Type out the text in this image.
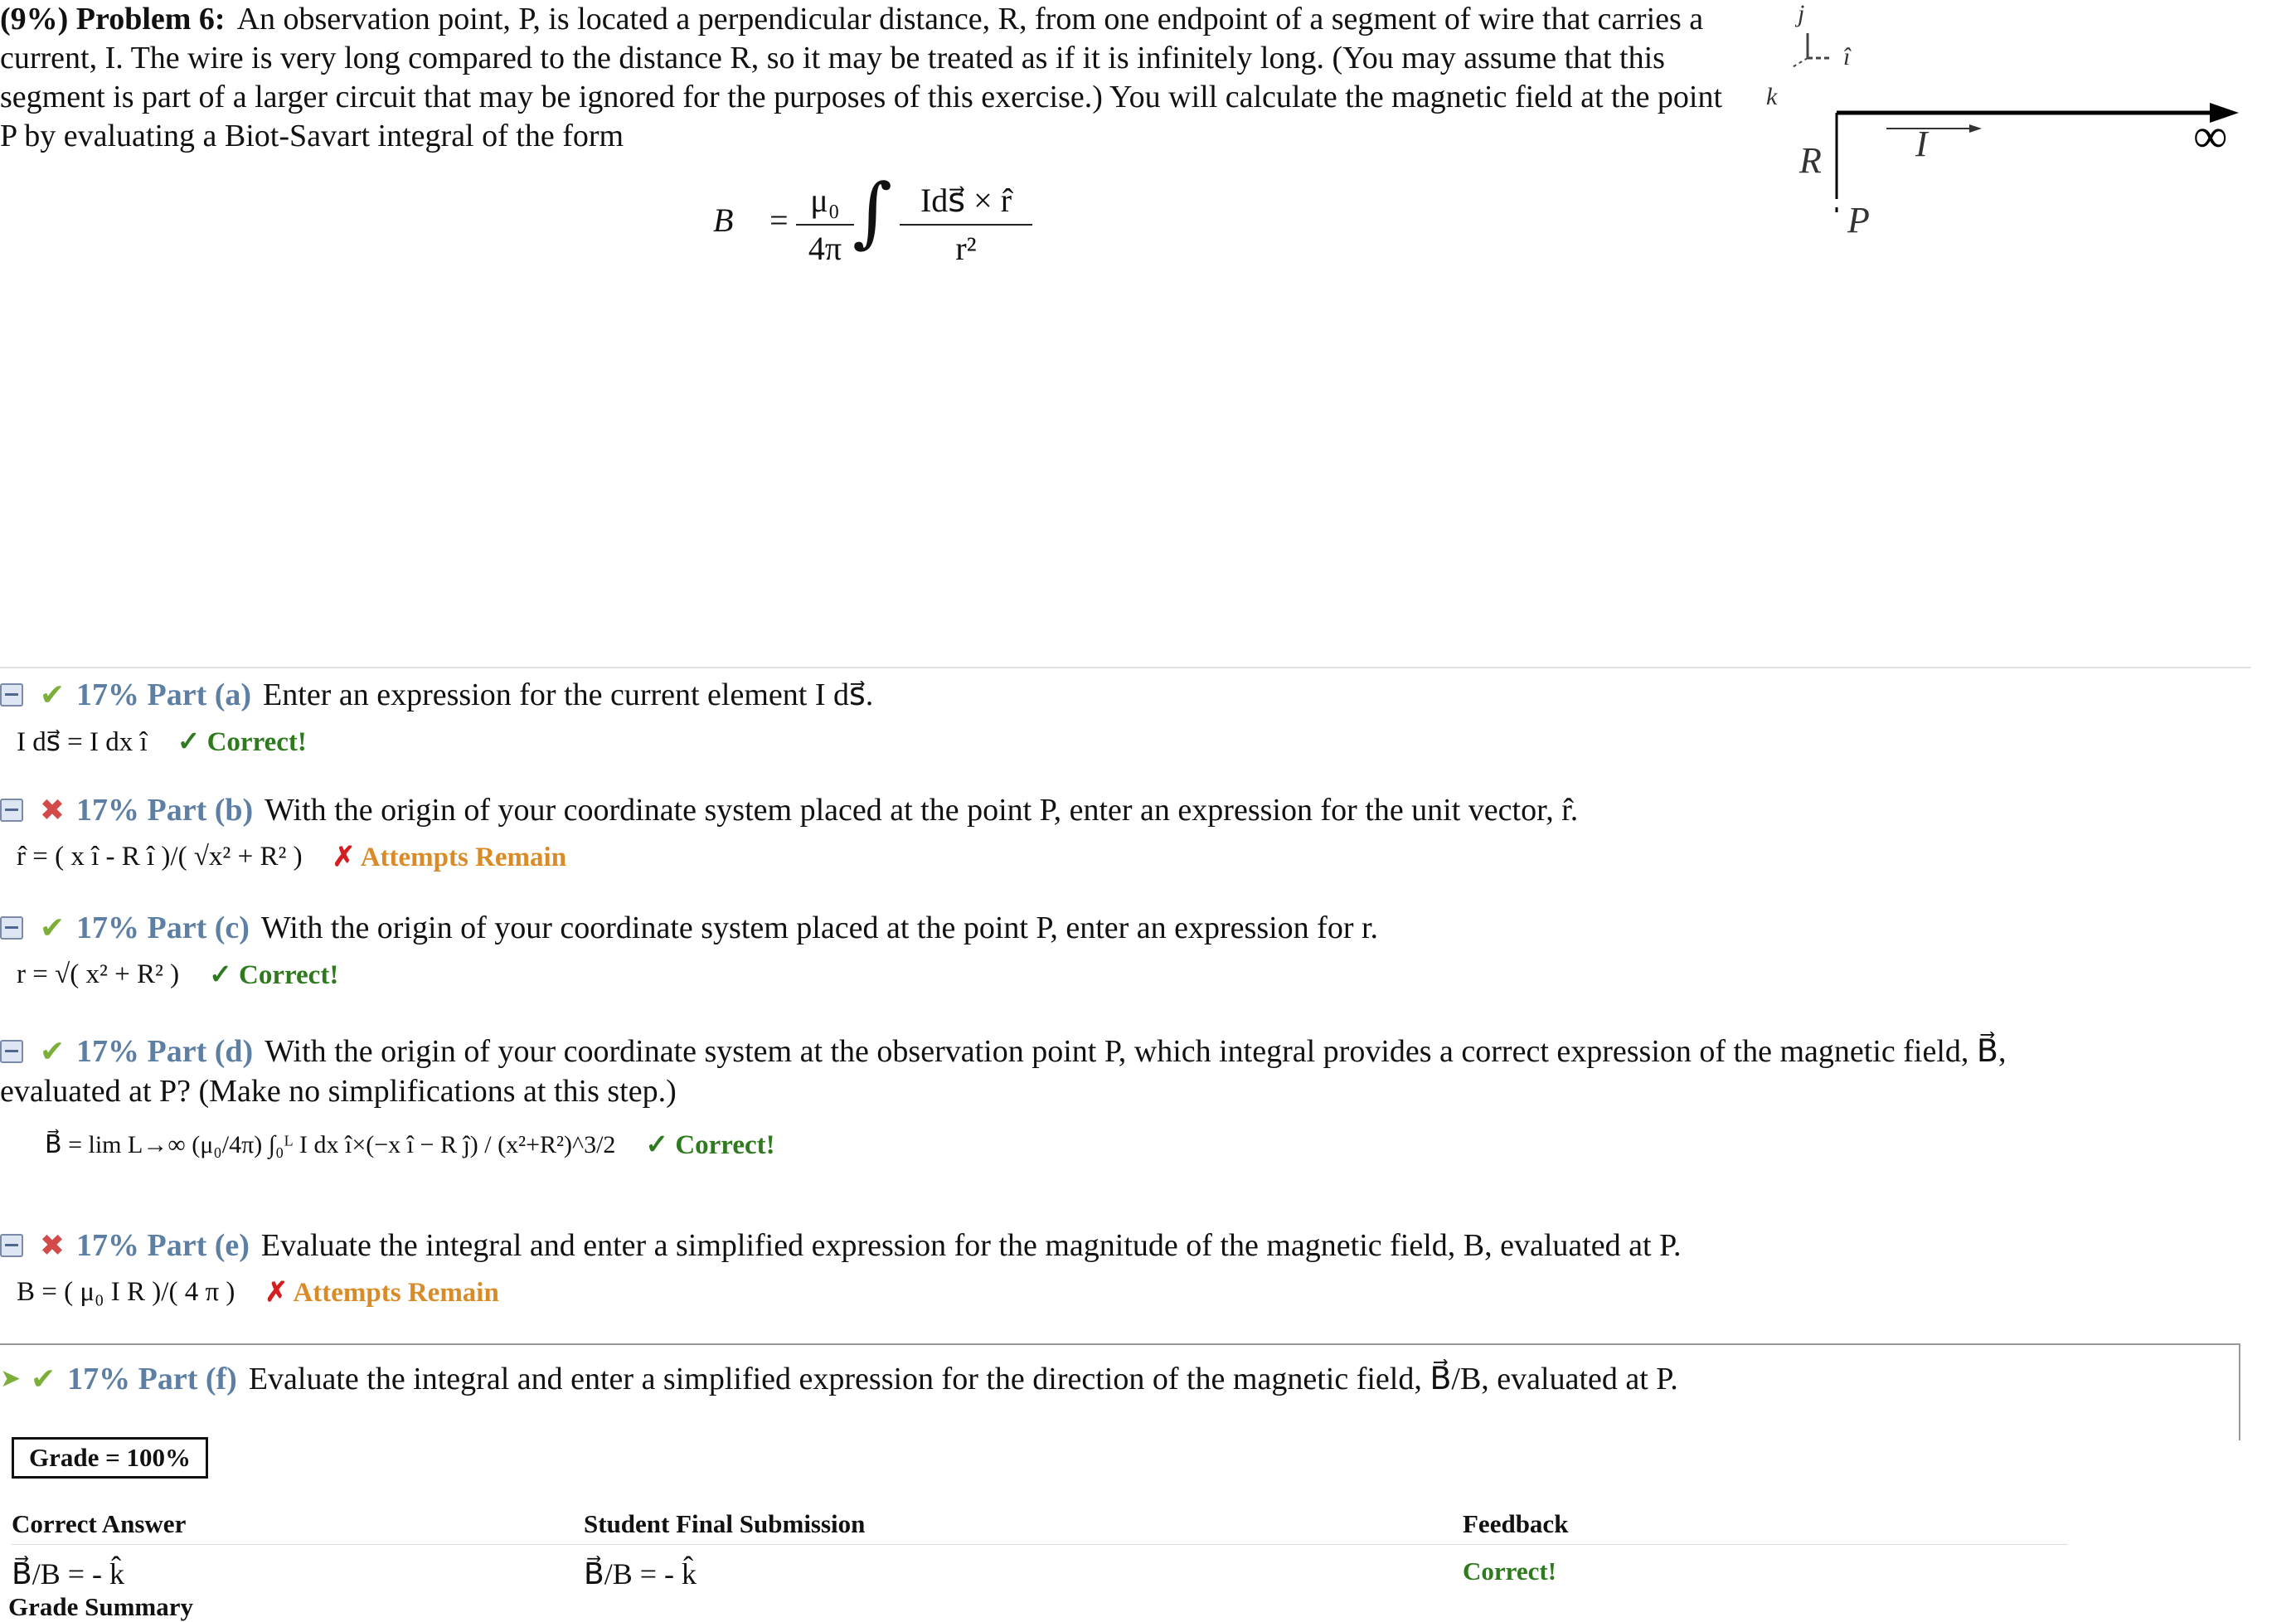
(9%) Problem 6: An observation point, P, is located a perpendicular distance, R, from one endpoint of a segment of wire that carries a current, I. The wire is very long compared to the distance R, so it may be treated as if it is infinitely long. (You may assume that this segment is part of a larger circuit that may be ignored for the purposes of this exercise.) You will calculate the magnetic field at the point P by evaluating a Biot-Savart integral of the form

B⃗ =
μ₀
4π ∫ Ids⃗ × r̂
r²
j
î
k
R	I
P
∞
✔ 17% Part (a) Enter an expression for the current element I ds⃗.
I ds⃗ = I dx î ✓ Correct!
✖ 17% Part (b) With the origin of your coordinate system placed at the point P, enter an expression for the unit vector, r̂.
r̂ = ( x î - R î )/( √x² + R² ) ✗ Attempts Remain
✔ 17% Part (c) With the origin of your coordinate system placed at the point P, enter an expression for r.
r = √( x² + R² ) ✓ Correct!
✔ 17% Part (d) With the origin of your coordinate system at the observation point P, which integral provides a correct expression of the magnetic field, B⃗,
evaluated at P? (Make no simplifications at this step.)
B⃗ = lim L→∞ (μ₀/4π) ∫₀ᴸ I dx î×(−x î − R ĵ) / (x²+R²)^3/2 ✓ Correct!
✖ 17% Part (e) Evaluate the integral and enter a simplified expression for the magnitude of the magnetic field, B, evaluated at P.
B = ( μ₀ I R )/( 4 π ) ✗ Attempts Remain
➤ ✔ 17% Part (f) Evaluate the integral and enter a simplified expression for the direction of the magnetic field, B⃗/B, evaluated at P.
Grade = 100%
Correct Answer	Student Final Submission	Feedback
B⃗/B = - k̂	B⃗/B = - k̂	Correct!
Grade Summary
